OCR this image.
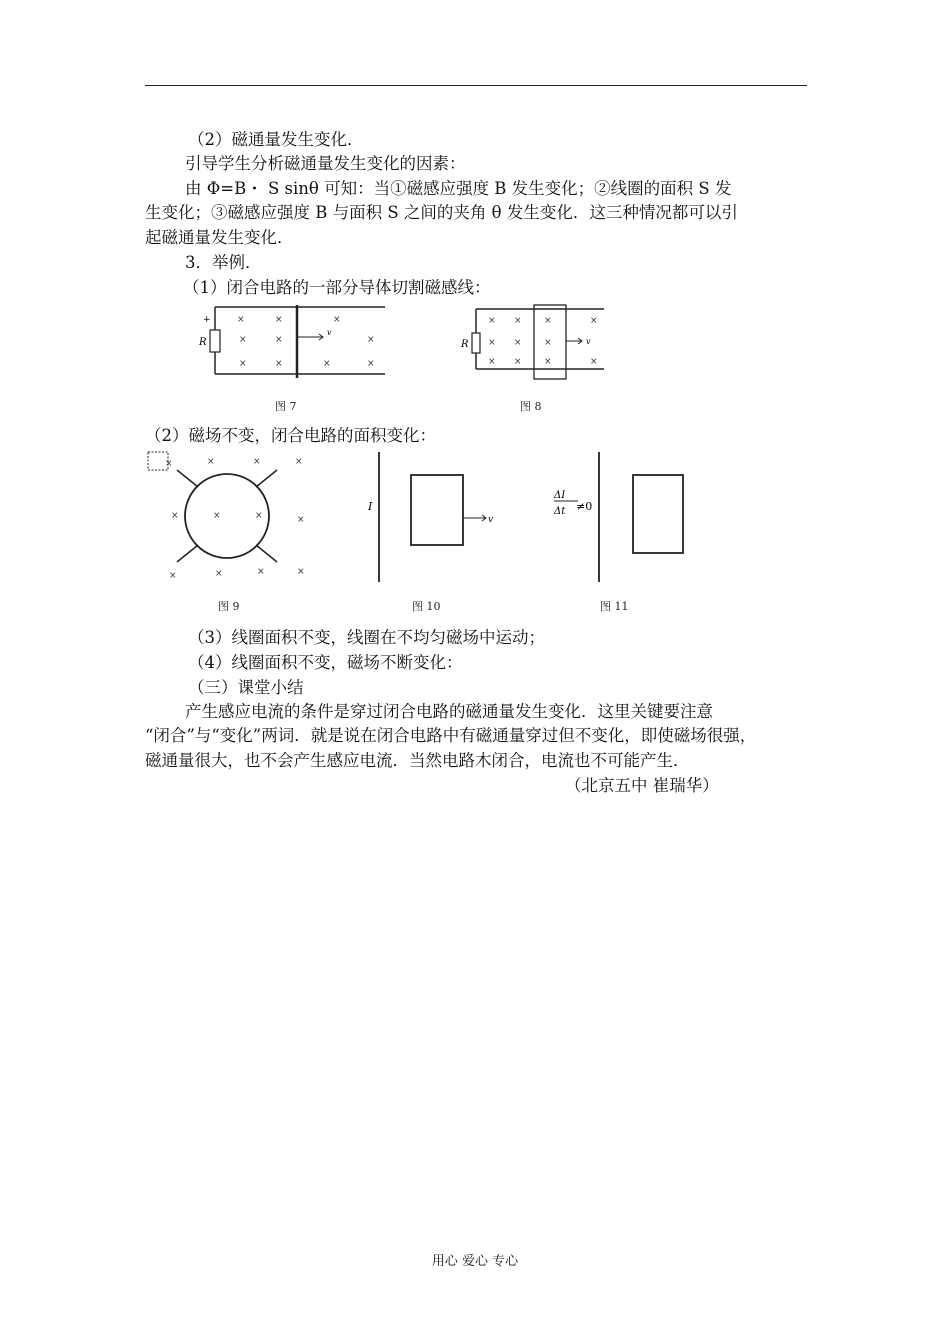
（2）磁通量发生变化．
引导学生分析磁通量发生变化的因素：
由 Φ=B・ S sinθ 可知：当①磁感应强度 B 发生变化；②线圈的面积 S 发
生变化；③磁感应强度 B 与面积 S 之间的夹角 θ 发生变化．这三种情况都可以引
起磁通量发生变化．
3．举例．
（1）闭合电路的一部分导体切割磁感线：
+
R
v
×	×	×
×	×	×
×	×	×	×
图 7
R	v
× × ×	×
× × ×
× × ×	×
图 8
（2）磁场不变，闭合电路的面积变化：
×	×	×	×
×	×	×	×
×	×	×	×
图 9
I
v
图 10
ΔI
Δt ≠0
图 11
（3）线圈面积不变，线圈在不均匀磁场中运动；
（4）线圈面积不变，磁场不断变化：
（三）课堂小结
产生感应电流的条件是穿过闭合电路的磁通量发生变化．这里关键要注意
“闭合”与“变化”两词．就是说在闭合电路中有磁通量穿过但不变化，即使磁场很强，
磁通量很大，也不会产生感应电流．当然电路木闭合，电流也不可能产生．
（北京五中 崔瑞华）
用心 爱心 专心
